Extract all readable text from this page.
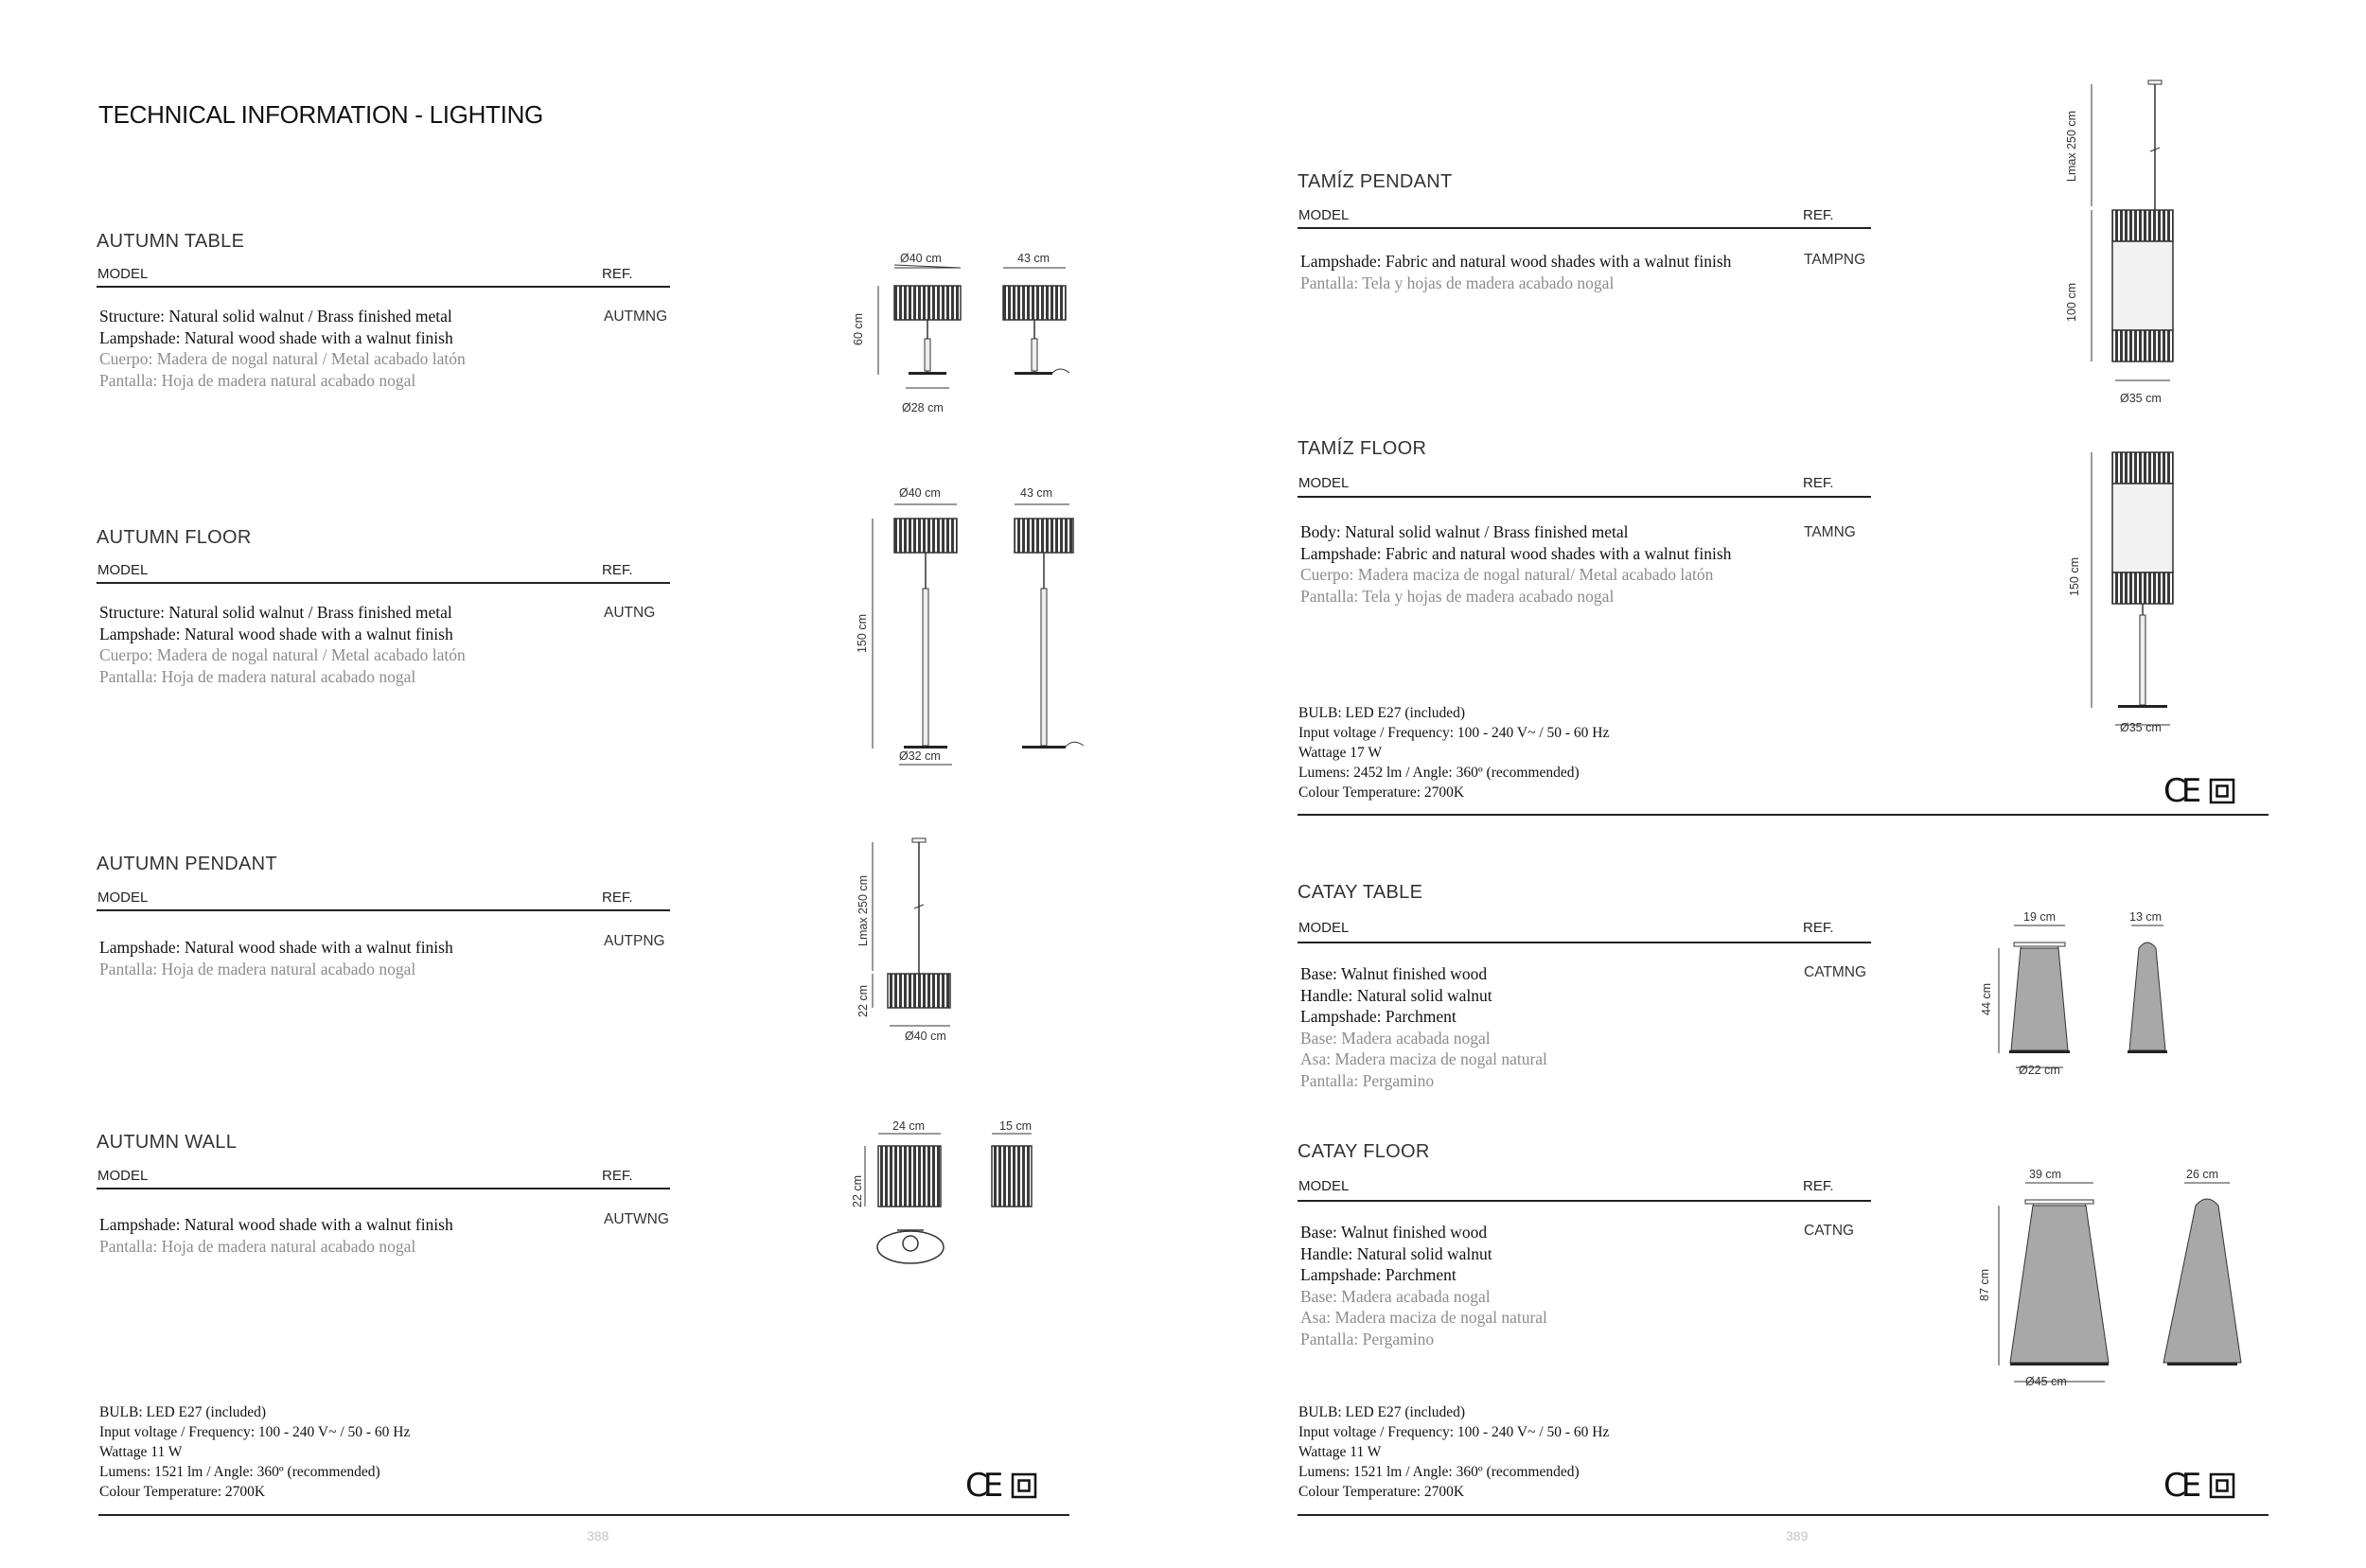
TECHNICAL INFORMATION - LIGHTING
AUTUMN TABLE
MODEL	REF.
Structure: Natural solid walnut / Brass finished metal
Lampshade: Natural wood shade with a walnut finish
Cuerpo: Madera de nogal natural / Metal acabado latón
Pantalla: Hoja de madera natural acabado nogal
AUTMNG
AUTUMN FLOOR
MODEL	REF.
Structure: Natural solid walnut / Brass finished metal
Lampshade: Natural wood shade with a walnut finish
Cuerpo: Madera de nogal natural / Metal acabado latón
Pantalla: Hoja de madera natural acabado nogal
AUTNG
AUTUMN PENDANT
MODEL	REF.
Lampshade: Natural wood shade with a walnut finish
Pantalla: Hoja de madera natural acabado nogal
AUTPNG
AUTUMN WALL
MODEL	REF.
Lampshade: Natural wood shade with a walnut finish
Pantalla: Hoja de madera natural acabado nogal
AUTWNG
BULB: LED E27 (included)
Input voltage / Frequency: 100 - 240 V~ / 50 - 60 Hz
Wattage 11 W
Lumens: 1521 lm / Angle: 360º (recommended)
Colour Temperature: 2700K	CE
388
TAMÍZ PENDANT
MODEL	REF.
Lampshade: Fabric and natural wood shades with a walnut finish
Pantalla: Tela y hojas de madera acabado nogal
TAMPNG
TAMÍZ FLOOR
MODEL	REF.
Body: Natural solid walnut / Brass finished metal
Lampshade: Fabric and natural wood shades with a walnut finish
Cuerpo: Madera maciza de nogal natural/ Metal acabado latón
Pantalla: Tela y hojas de madera acabado nogal
TAMNG
BULB: LED E27 (included)
Input voltage / Frequency: 100 - 240 V~ / 50 - 60 Hz
Wattage 17 W
Lumens: 2452 lm / Angle: 360º (recommended)
Colour Temperature: 2700K	CE
CATAY TABLE
MODEL	REF.
Base: Walnut finished wood
Handle: Natural solid walnut
Lampshade: Parchment
Base: Madera acabada nogal
Asa: Madera maciza de nogal natural
Pantalla: Pergamino
CATMNG
CATAY FLOOR
MODEL	REF.
Base: Walnut finished wood
Handle: Natural solid walnut
Lampshade: Parchment
Base: Madera acabada nogal
Asa: Madera maciza de nogal natural
Pantalla: Pergamino
CATNG
BULB: LED E27 (included)
Input voltage / Frequency: 100 - 240 V~ / 50 - 60 Hz
Wattage 11 W
Lumens: 1521 lm / Angle: 360º (recommended)
Colour Temperature: 2700K	CE
389
Ø40 cm	43 cm
60 cm
Ø28 cm
Ø40 cm	43 cm
150 cm
Ø32 cm
Lmax 250 cm
22 cm
Ø40 cm
24 cm	15 cm
22 cm
Lmax 250 cm
100 cm
Ø35 cm
150 cm
Ø35 cm
19 cm	13 cm
44 cm
Ø22 cm
39 cm	26 cm
87 cm
Ø45 cm
